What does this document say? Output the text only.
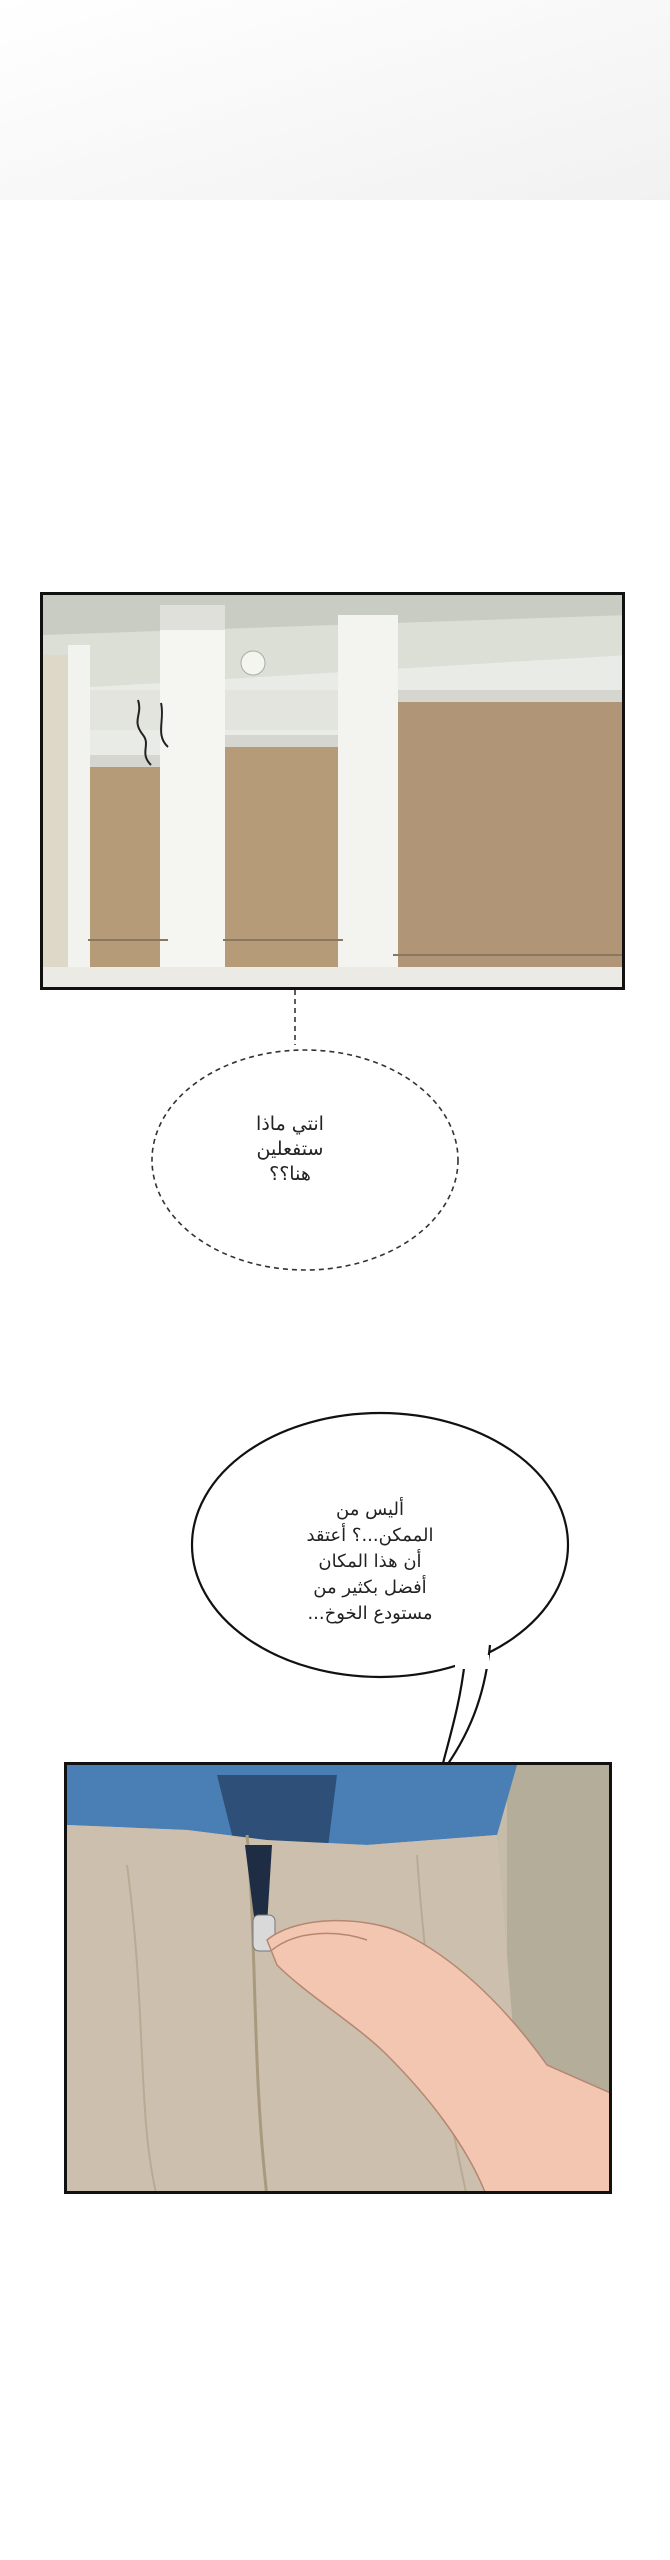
انتي ماذا
ستفعلين
هنا؟؟
أليس من
الممكن...؟ أعتقد
أن هذا المكان
أفضل بكثير من
مستودع الخوخ...
